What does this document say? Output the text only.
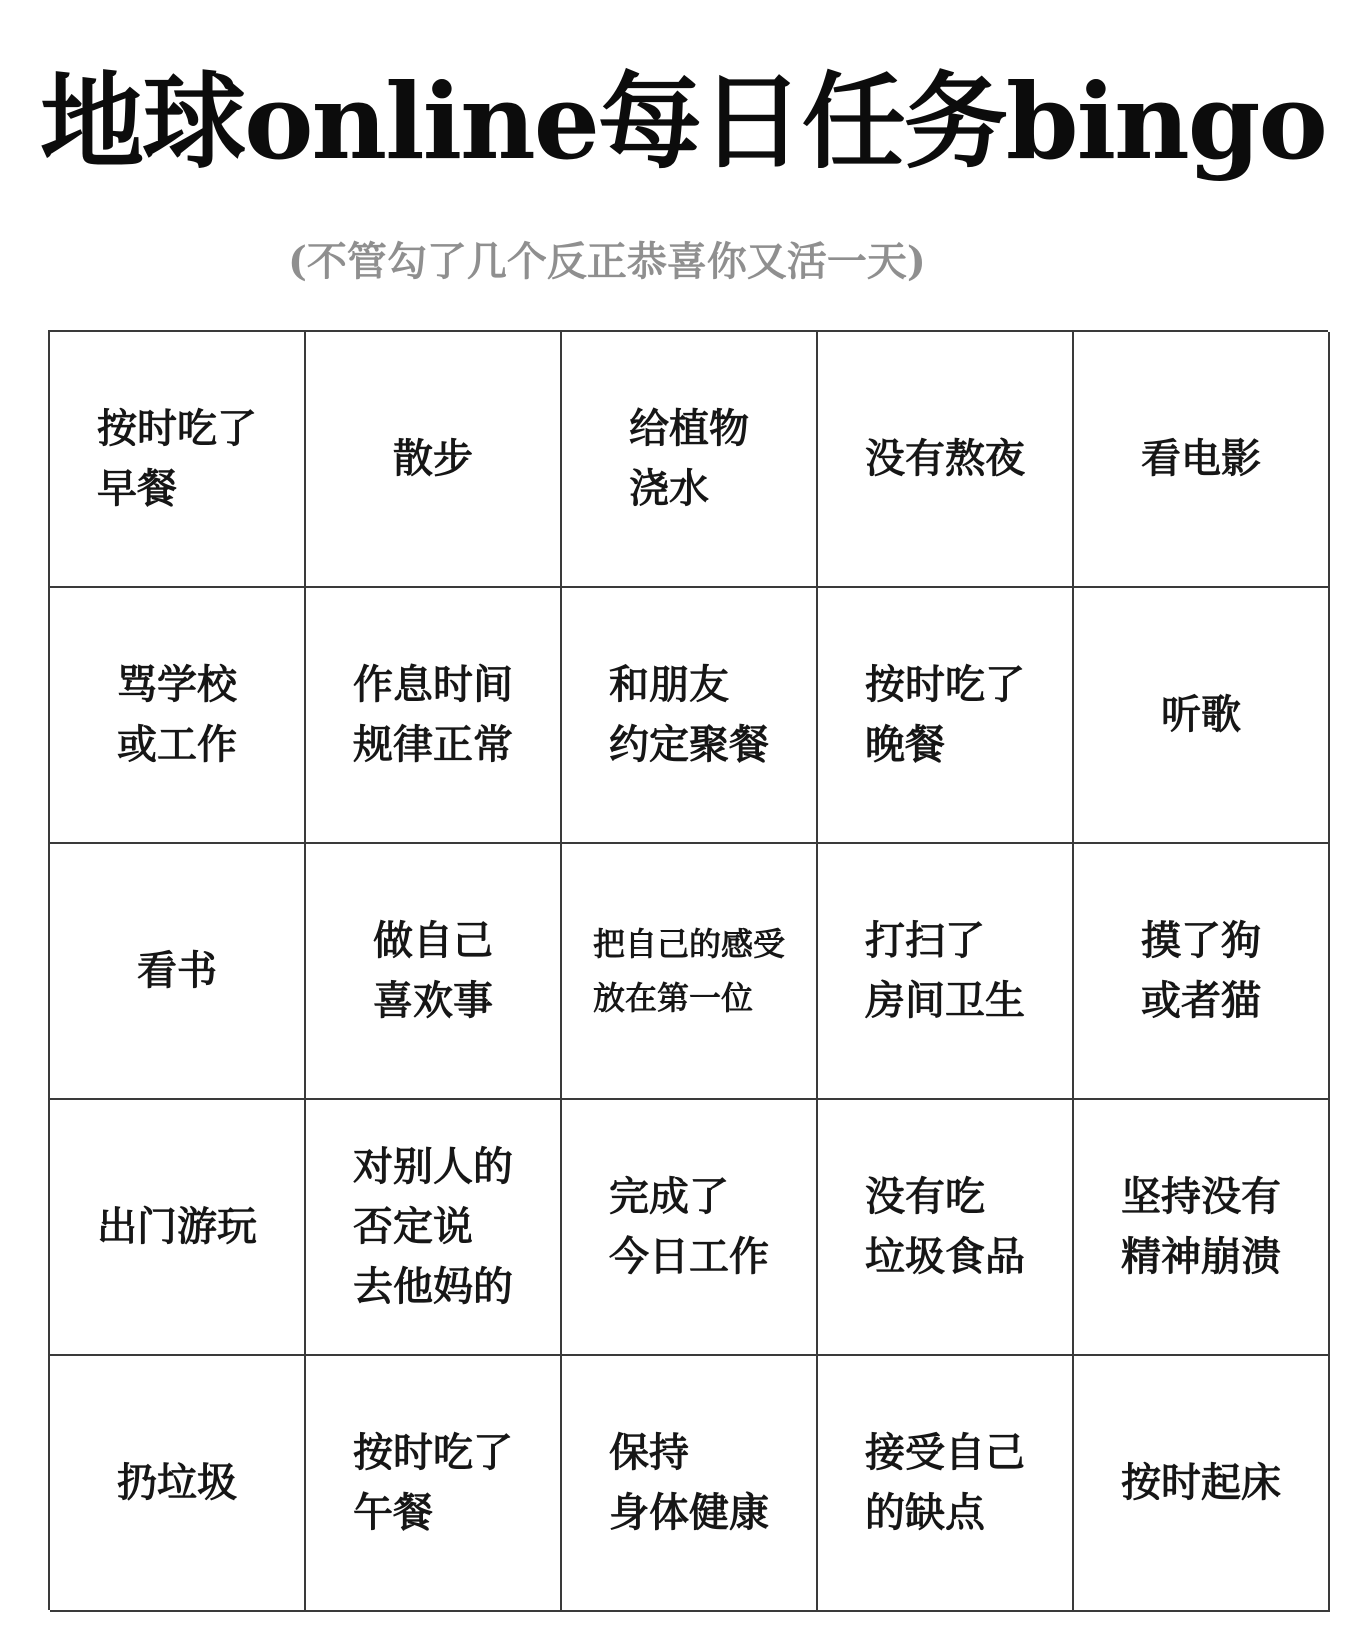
地球online每日任务bingo
(不管勾了几个反正恭喜你又活一天)
按时吃了
早餐
散步
给植物
浇水
没有熬夜	看电影
骂学校
或工作
作息时间
规律正常
和朋友
约定聚餐
按时吃了
晚餐
听歌
看书
做自己
喜欢事
把自己的感受
放在第一位
打扫了
房间卫生
摸了狗
或者猫
出门游玩
对别人的
否定说
去他妈的
完成了
今日工作
没有吃
垃圾食品
坚持没有
精神崩溃
扔垃圾
按时吃了
午餐
保持
身体健康
接受自己
的缺点
按时起床
